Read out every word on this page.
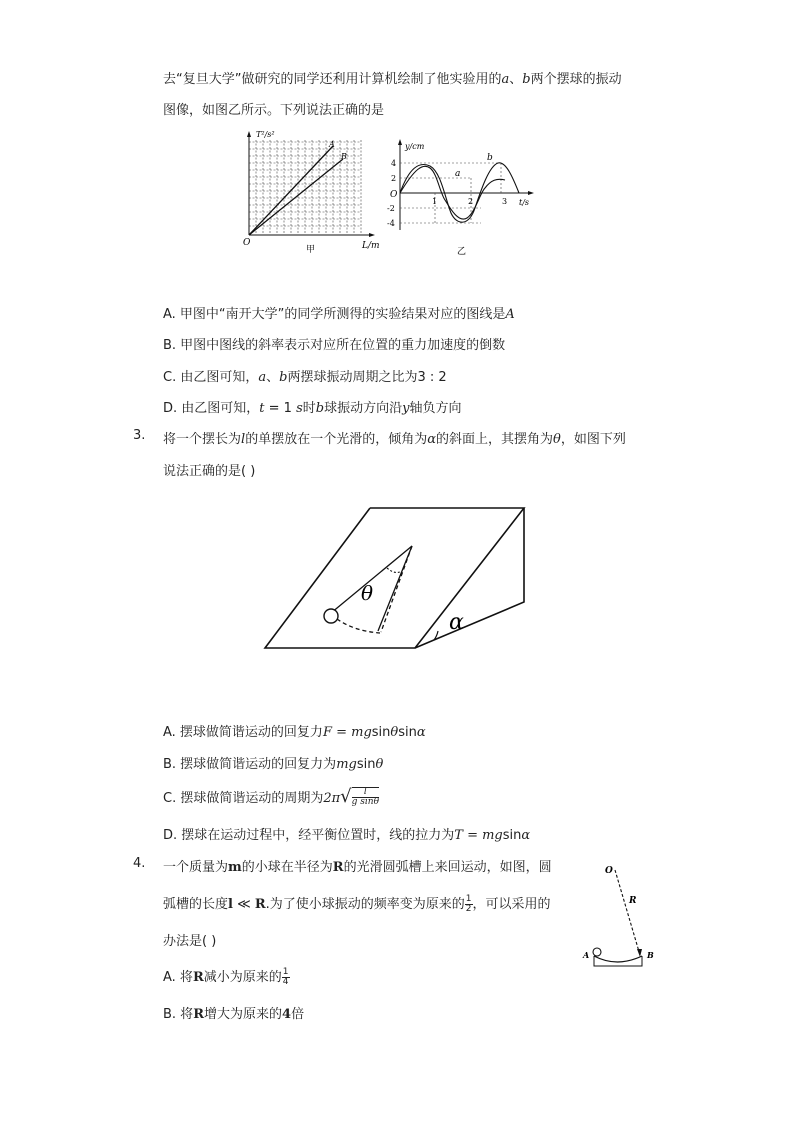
去“复旦大学”做研究的同学还利用计算机绘制了他实验用的a、b两个摆球的振动
图像，如图乙所示。下列说法正确的是
T²/s²
L/m
O
A
B
甲
y/cm
t/s
O
4
2
-2
-4
1	2	3
a
b
乙
A. 甲图中“南开大学”的同学所测得的实验结果对应的图线是A
B. 甲图中图线的斜率表示对应所在位置的重力加速度的倒数
C. 由乙图可知，a、b两摆球振动周期之比为3 : 2
D. 由乙图可知，t = 1 s时b球振动方向沿y轴负方向
3. 将一个摆长为l的单摆放在一个光滑的，倾角为α的斜面上，其摆角为θ，如图下列
说法正确的是( )
θ
α
A. 摆球做简谐运动的回复力F = mgsinθsinα
B. 摆球做简谐运动的回复力为mgsinθ
C. 摆球做简谐运动的周期为$2\pi√ \frac{l}{\text{g sinθ}}$
D. 摆球在运动过程中，经平衡位置时，线的拉力为T = mgsinα
4. 一个质量为m的小球在半径为R的光滑圆弧槽上来回运动，如图，圆
弧槽的长度l ≪ R.为了使小球振动的频率变为原来的 $\frac{1}{2}$ ，可以采用的
办法是( )
O
R
A	B
A. 将R减小为原来的 $\frac{1}{4}$
B. 将R增大为原来的4倍
